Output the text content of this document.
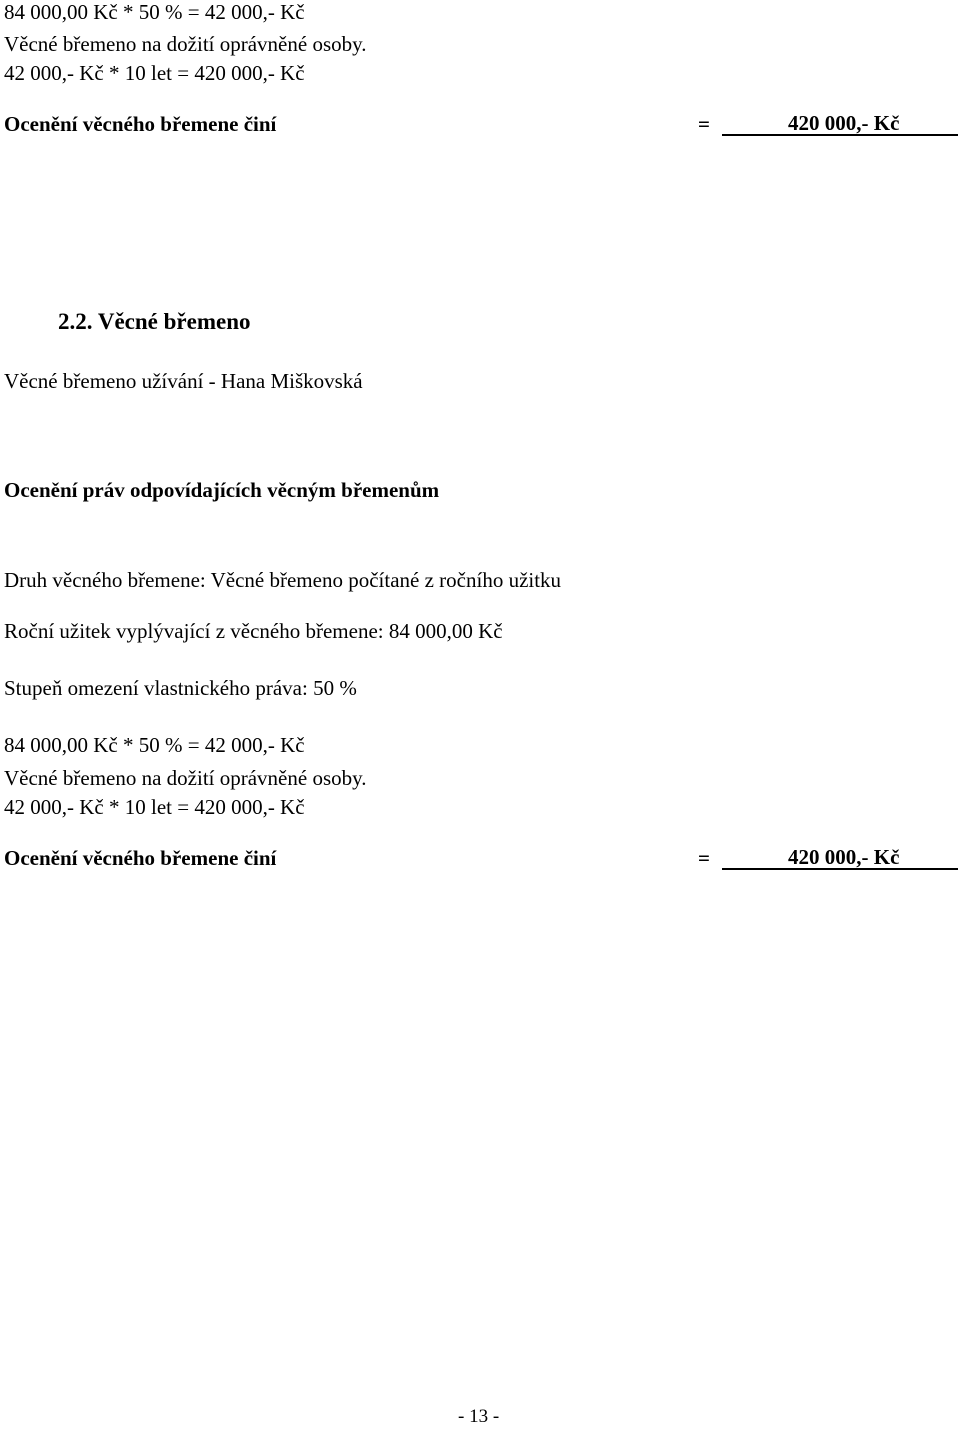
84 000,00 Kč * 50 % = 42 000,- Kč
Věcné břemeno na dožití oprávněné osoby.
42 000,- Kč * 10 let = 420 000,- Kč
Ocenění věcného břemene činí	=	420 000,- Kč
2.2. Věcné břemeno
Věcné břemeno užívání - Hana Miškovská
Ocenění práv odpovídajících věcným břemenům
Druh věcného břemene: Věcné břemeno počítané z ročního užitku
Roční užitek vyplývající z věcného břemene: 84 000,00 Kč
Stupeň omezení vlastnického práva: 50 %
84 000,00 Kč * 50 % = 42 000,- Kč
Věcné břemeno na dožití oprávněné osoby.
42 000,- Kč * 10 let = 420 000,- Kč
Ocenění věcného břemene činí	=	420 000,- Kč
- 13 -
